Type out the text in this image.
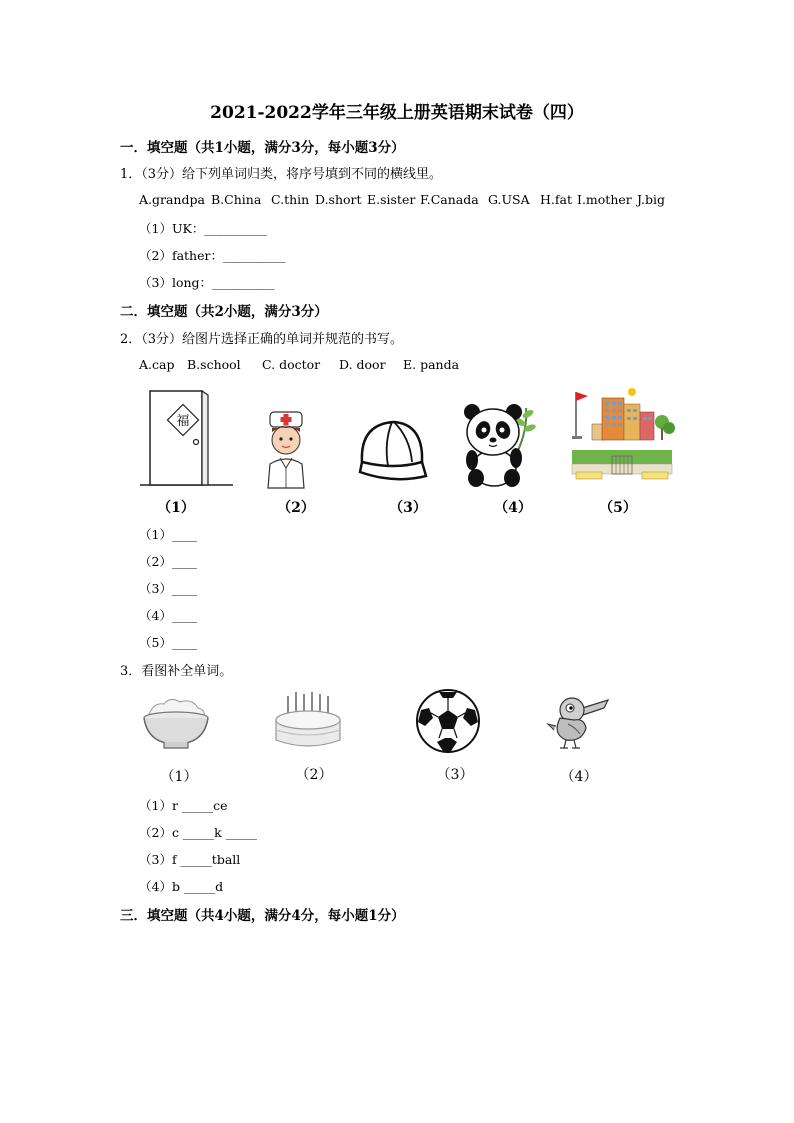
2021-2022学年三年级上册英语期末试卷（四）
一．填空题（共1小题，满分3分，每小题3分）
1．（3分）给下列单词归类，将序号填到不同的横线里。
A.grandpa B.China C.thin D.short E.sister F.Canada G.USA H.fat I.mother J.big
（1）UK：__________
（2）father：__________
（3）long：__________
二．填空题（共2小题，满分3分）
2．（3分）给图片选择正确的单词并规范的书写。
A.cap B.school C. doctor D. door E. panda
福
（1）	（2）	（3）	（4）	（5）
（1）____
（2）____
（3）____
（4）____
（5）____
3．看图补全单词。
（1）	（2）	（3）	（4）
（1）r _____ce
（2）c _____k _____
（3）f _____tball
（4）b _____d
三．填空题（共4小题，满分4分，每小题1分）
